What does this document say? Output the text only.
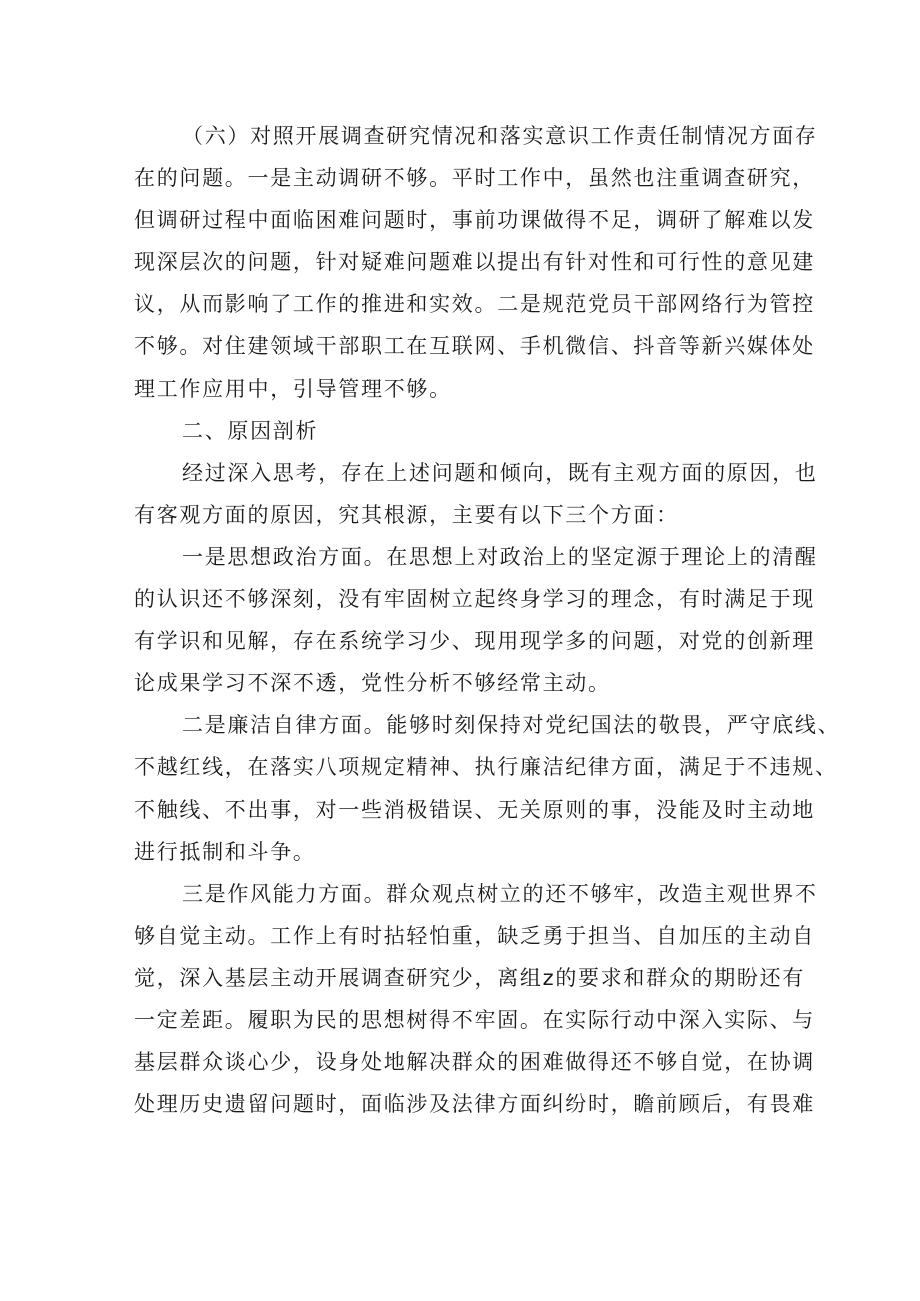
（六）对照开展调查研究情况和落实意识工作责任制情况方面存
在的问题。一是主动调研不够。平时工作中，虽然也注重调查研究，
但调研过程中面临困难问题时，事前功课做得不足，调研了解难以发
现深层次的问题，针对疑难问题难以提出有针对性和可行性的意见建
议，从而影响了工作的推进和实效。二是规范党员干部网络行为管控
不够。对住建领域干部职工在互联网、手机微信、抖音等新兴媒体处
理工作应用中，引导管理不够。
二、原因剖析
经过深入思考，存在上述问题和倾向，既有主观方面的原因，也
有客观方面的原因，究其根源，主要有以下三个方面：
一是思想政治方面。在思想上对政治上的坚定源于理论上的清醒
的认识还不够深刻，没有牢固树立起终身学习的理念，有时满足于现
有学识和见解，存在系统学习少、现用现学多的问题，对党的创新理
论成果学习不深不透，党性分析不够经常主动。
二是廉洁自律方面。能够时刻保持对党纪国法的敬畏，严守底线、
不越红线，在落实八项规定精神、执行廉洁纪律方面，满足于不违规、
不触线、不出事，对一些消极错误、无关原则的事，没能及时主动地
进行抵制和斗争。
三是作风能力方面。群众观点树立的还不够牢，改造主观世界不
够自觉主动。工作上有时拈轻怕重，缺乏勇于担当、自加压的主动自
觉，深入基层主动开展调查研究少，离组z的要求和群众的期盼还有
一定差距。履职为民的思想树得不牢固。在实际行动中深入实际、与
基层群众谈心少，设身处地解决群众的困难做得还不够自觉，在协调
处理历史遗留问题时，面临涉及法律方面纠纷时，瞻前顾后，有畏难
